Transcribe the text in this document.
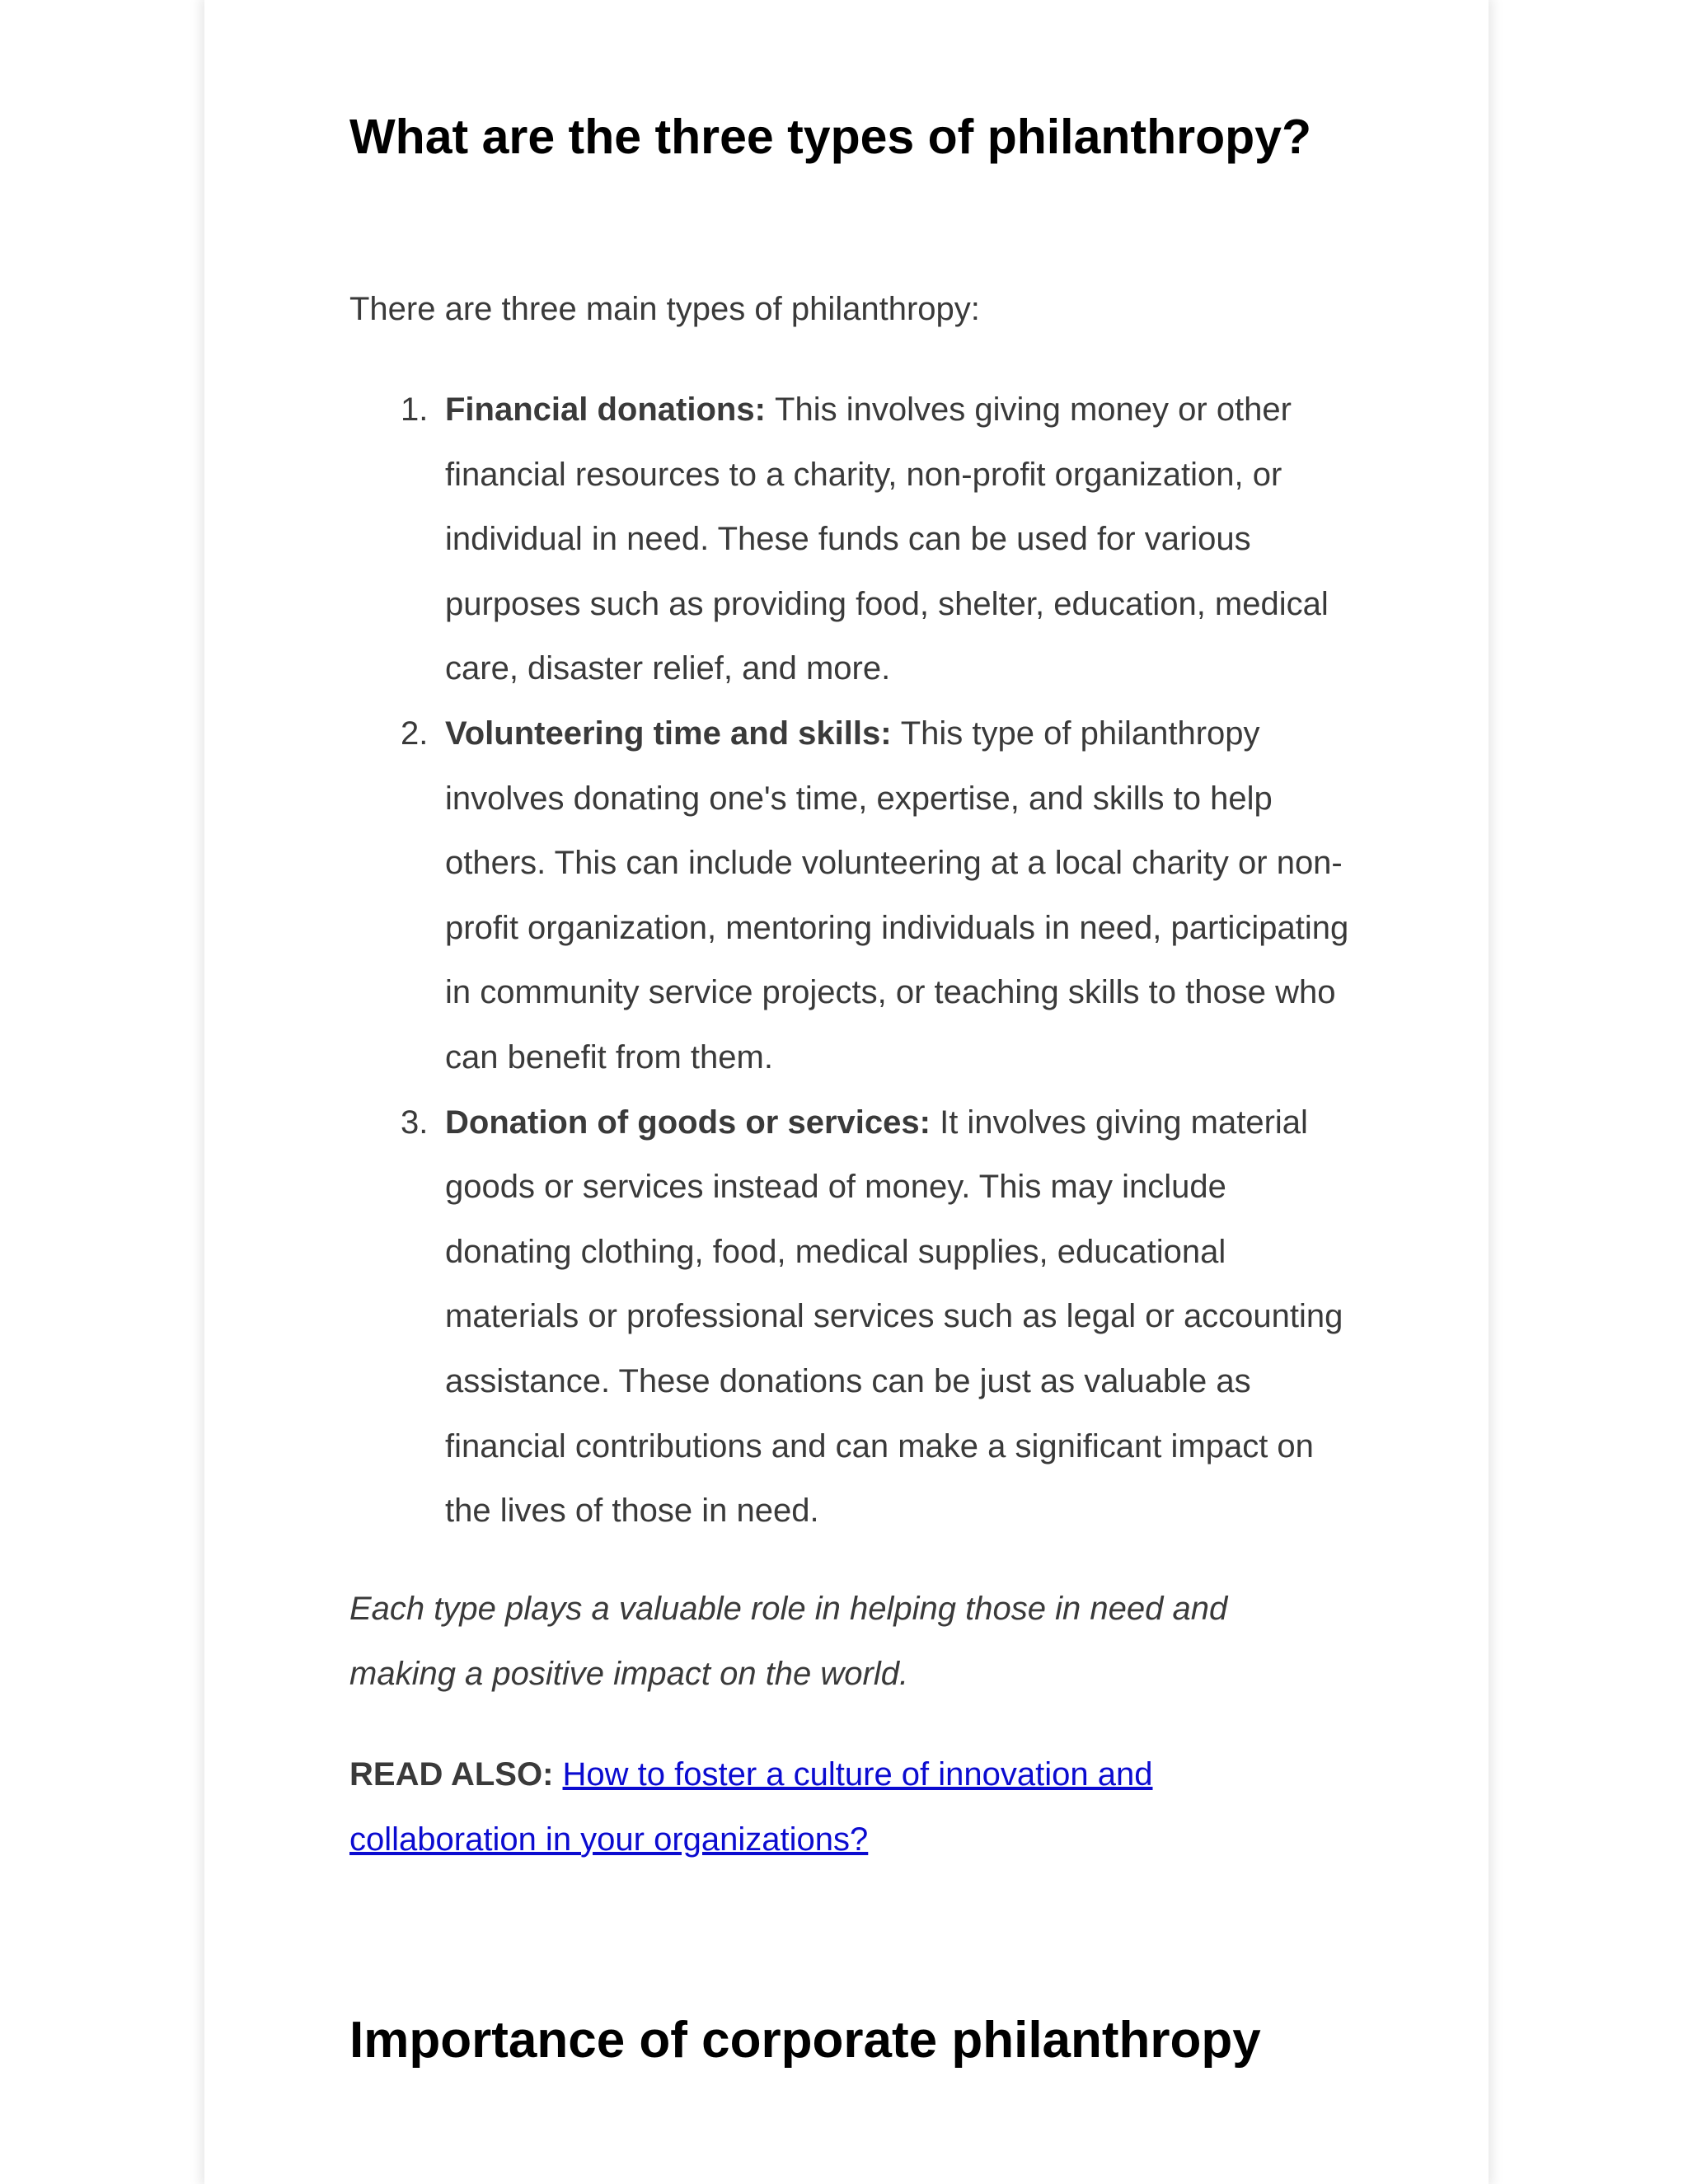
What are the three types of philanthropy?

There are three main types of philanthropy:

1. Financial donations: This involves giving money or other financial resources to a charity, non-profit organization, or individual in need. These funds can be used for various purposes such as providing food, shelter, education, medical care, disaster relief, and more.
2. Volunteering time and skills: This type of philanthropy involves donating one's time, expertise, and skills to help others. This can include volunteering at a local charity or non-profit organization, mentoring individuals in need, participating in community service projects, or teaching skills to those who can benefit from them.
3. Donation of goods or services: It involves giving material goods or services instead of money. This may include donating clothing, food, medical supplies, educational materials or professional services such as legal or accounting assistance. These donations can be just as valuable as financial contributions and can make a significant impact on the lives of those in need.

Each type plays a valuable role in helping those in need and making a positive impact on the world.

READ ALSO: How to foster a culture of innovation and collaboration in your organizations?

Importance of corporate philanthropy
